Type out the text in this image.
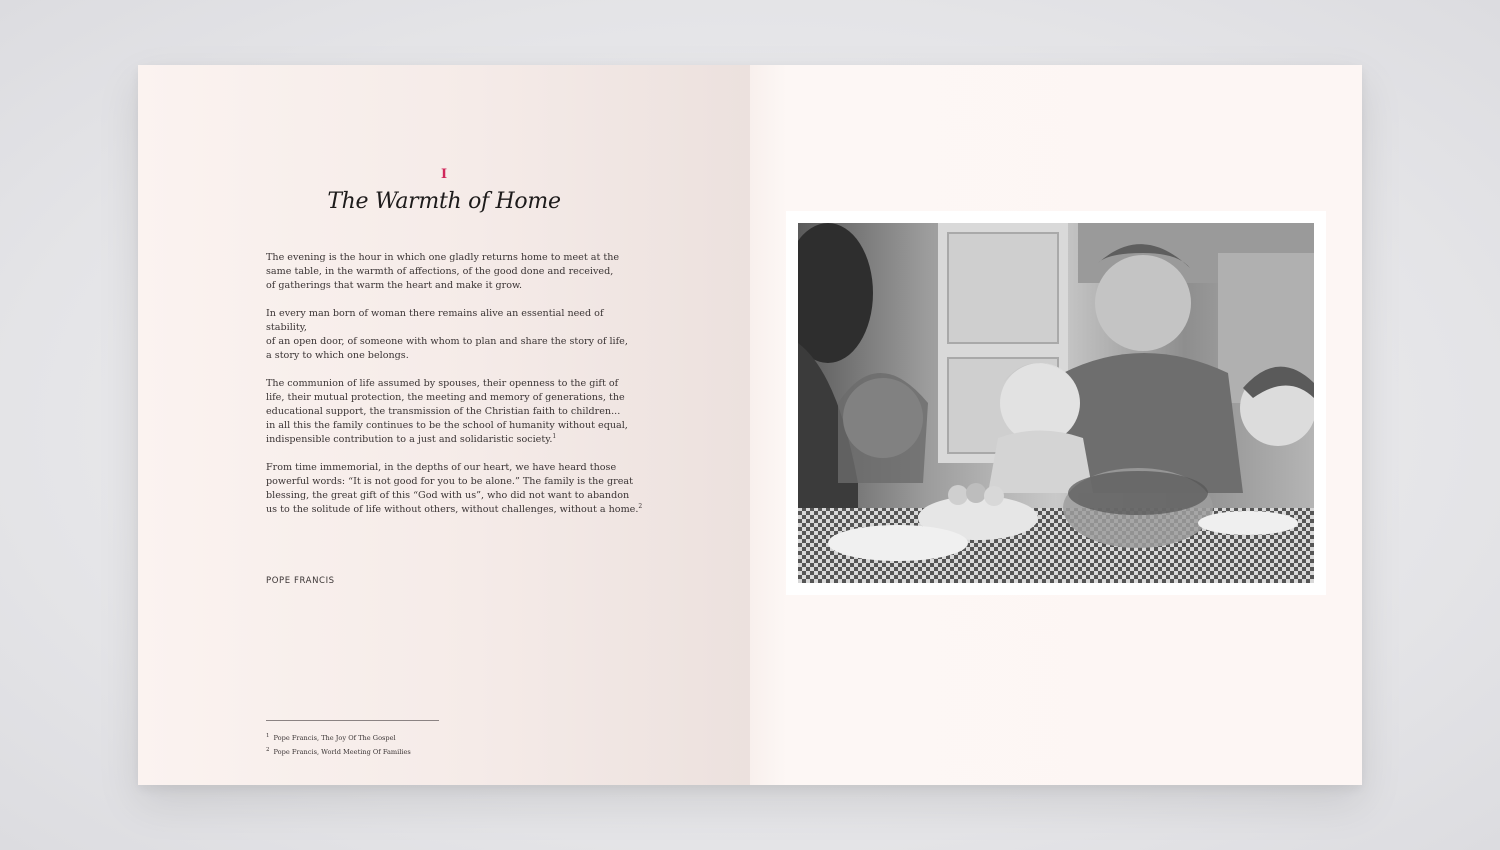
I
The Warmth of Home

The evening is the hour in which one gladly returns home to meet at the
same table, in the warmth of affections, of the good done and received,
of gatherings that warm the heart and make it grow.

In every man born of woman there remains alive an essential need of stability,
of an open door, of someone with whom to plan and share the story of life,
a story to which one belongs.

The communion of life assumed by spouses, their openness to the gift of
life, their mutual protection, the meeting and memory of generations, the
educational support, the transmission of the Christian faith to children...
in all this the family continues to be the school of humanity without equal,
indispensible contribution to a just and solidaristic society.$^1$

From time immemorial, in the depths of our heart, we have heard those
powerful words: “It is not good for you to be alone.” The family is the great
blessing, the great gift of this “God with us”, who did not want to abandon
us to the solitude of life without others, without challenges, without a home.$^2$

POPE FRANCIS
$^1$ Pope Francis, The Joy Of The Gospel
$^2$ Pope Francis, World Meeting Of Families
